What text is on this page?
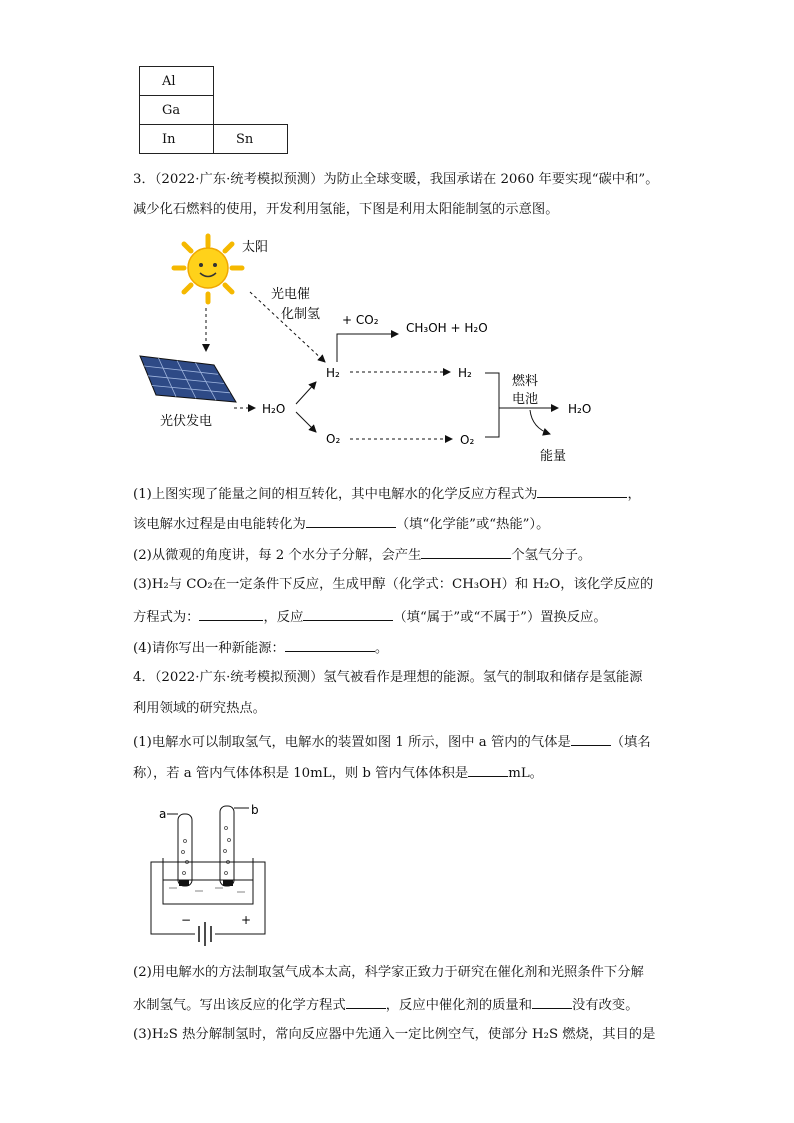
Al	
Ga	
In	Sn
3．（2022·广东·统考模拟预测）为防止全球变暖，我国承诺在 2060 年要实现“碳中和”。
减少化石燃料的使用，开发利用氢能，下图是利用太阳能制氢的示意图。
太阳
光伏发电
光电催
化制氢
H₂O
H₂
O₂
+ CO₂
CH₃OH + H₂O
H₂
O₂
燃料
电池
H₂O
能量
(1)上图实现了能量之间的相互转化，其中电解水的化学反应方程式为	，
该电解水过程是由电能转化为	（填“化学能”或“热能”）。
(2)从微观的角度讲，每 2 个水分子分解，会产生	个氢气分子。
(3)H₂与 CO₂在一定条件下反应，生成甲醇（化学式：CH₃OH）和 H₂O，该化学反应的
方程式为：	，反应	（填“属于”或“不属于”）置换反应。
(4)请你写出一种新能源：	。
4．（2022·广东·统考模拟预测）氢气被看作是理想的能源。氢气的制取和储存是氢能源
利用领域的研究热点。
(1)电解水可以制取氢气，电解水的装置如图 1 所示，图中 a 管内的气体是	（填名
称），若 a 管内气体体积是 10mL，则 b 管内气体体积是	mL。
a	b
−	+
(2)用电解水的方法制取氢气成本太高，科学家正致力于研究在催化剂和光照条件下分解
水制氢气。写出该反应的化学方程式	，反应中催化剂的质量和	没有改变。
(3)H₂S 热分解制氢时，常向反应器中先通入一定比例空气，使部分 H₂S 燃烧，其目的是
